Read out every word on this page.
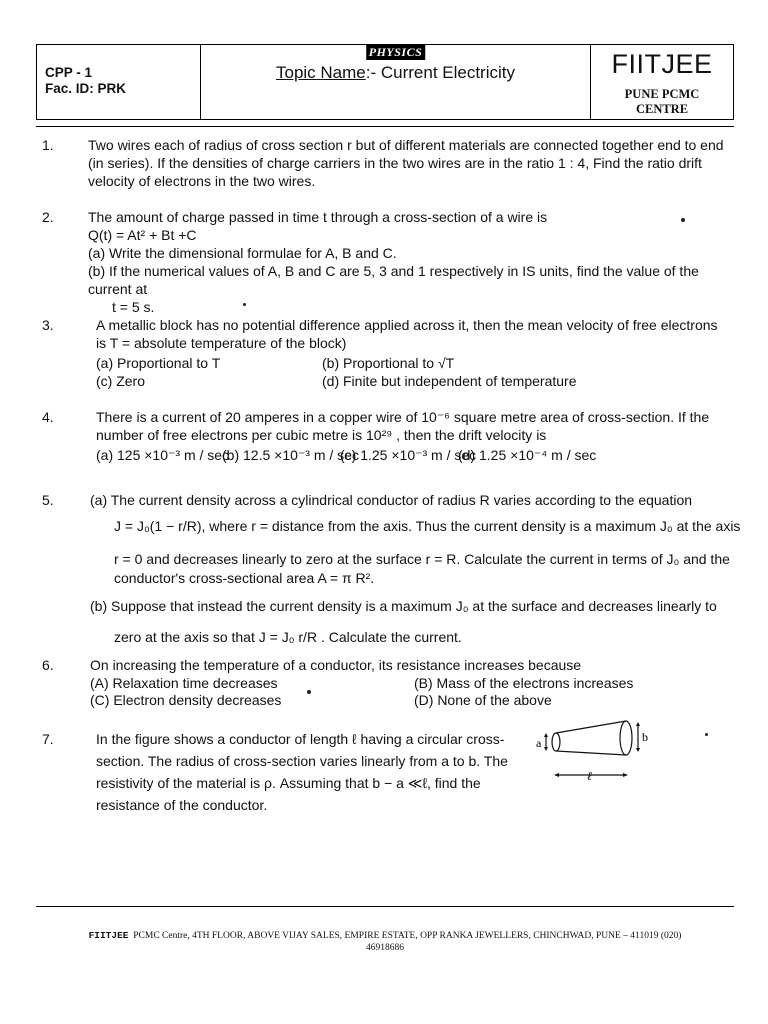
CPP - 1
Fac. ID: PRK
PHYSICS
Topic Name:- Current Electricity	FIITJEE
PUNE PCMC
CENTRE
1. Two wires each of radius of cross section r but of different materials are connected together end to end
(in series). If the densities of charge carriers in the two wires are in the ratio 1 : 4, Find the ratio drift
velocity of electrons in the two wires.
2. The amount of charge passed in time t through a cross-section of a wire is
Q(t) = At² + Bt +C
(a) Write the dimensional formulae for A, B and C.
(b) If the numerical values of A, B and C are 5, 3 and 1 respectively in IS units, find the value of the
current at
t = 5 s.
3.	A metallic block has no potential difference applied across it, then the mean velocity of free electrons
is T = absolute temperature of the block)
(a) Proportional to T	(b) Proportional to √T
(c) Zero	(d) Finite but independent of temperature
4.	There is a current of 20 amperes in a copper wire of 10⁻⁶ square metre area of cross-section. If the
number of free electrons per cubic metre is 10²⁹ , then the drift velocity is
(a) 125 ×10⁻³ m / sec
(b) 12.5 ×10⁻³ m / sec
(c) 1.25 ×10⁻³ m / sec
(d) 1.25 ×10⁻⁴ m / sec
5.	(a) The current density across a cylindrical conductor of radius R varies according to the equation
J = J₀(1 − r/R), where r = distance from the axis. Thus the current density is a maximum J₀ at the axis
r = 0 and decreases linearly to zero at the surface r = R. Calculate the current in terms of J₀ and the
conductor's cross-sectional area A = π R².
(b) Suppose that instead the current density is a maximum J₀ at the surface and decreases linearly to
zero at the axis so that J = J₀ r/R . Calculate the current.
6.	On increasing the temperature of a conductor, its resistance increases because
(A) Relaxation time decreases	(B) Mass of the electrons increases
(C) Electron density decreases	(D) None of the above
7.	In the figure shows a conductor of length ℓ having a circular cross-
section. The radius of cross-section varies linearly from a to b. The
resistivity of the material is ρ. Assuming that b − a ≪ℓ, find the
resistance of the conductor.
a	b
ℓ
FIITJEE PCMC Centre, 4TH FLOOR, ABOVE VIJAY SALES, EMPIRE ESTATE, OPP RANKA JEWELLERS, CHINCHWAD, PUNE – 411019 (020)
46918686
